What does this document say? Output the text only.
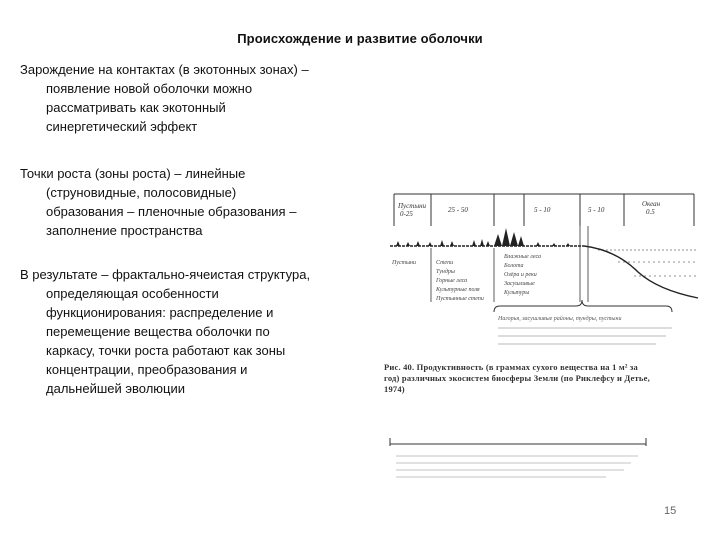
Происхождение и развитие оболочки
Зарождение на контактах (в экотонных зонах) –
появление новой оболочки можно
рассматривать как экотонный
синергетический эффект
Точки роста (зоны роста) – линейные
(струновидные, полосовидные)
образования – пленочные образования –
заполнение пространства
В результате – фрактально-ячеистая структура,
определяющая особенности
функционирования: распределение и
перемещение вещества оболочки по
каркасу, точки роста работают как зоны
концентрации, преобразования и
дальнейшей эволюции
Пустыни
0-25	25 - 50	5 - 10	5 - 10
Океан
0.5
Пустыни	Степи
Тундры
Горные леса
Культурные поля
Пустынные степи
Влажные леса
Болота
Озёра и реки
Засушливые
Культуры
Нагорья, засушливые районы, тундры, пустыни
Рис. 40. Продуктивность (в граммах сухого вещества на 1 м² за
год) различных экосистем биосферы Земли (по Риклефсу и Детье,
1974)
15
